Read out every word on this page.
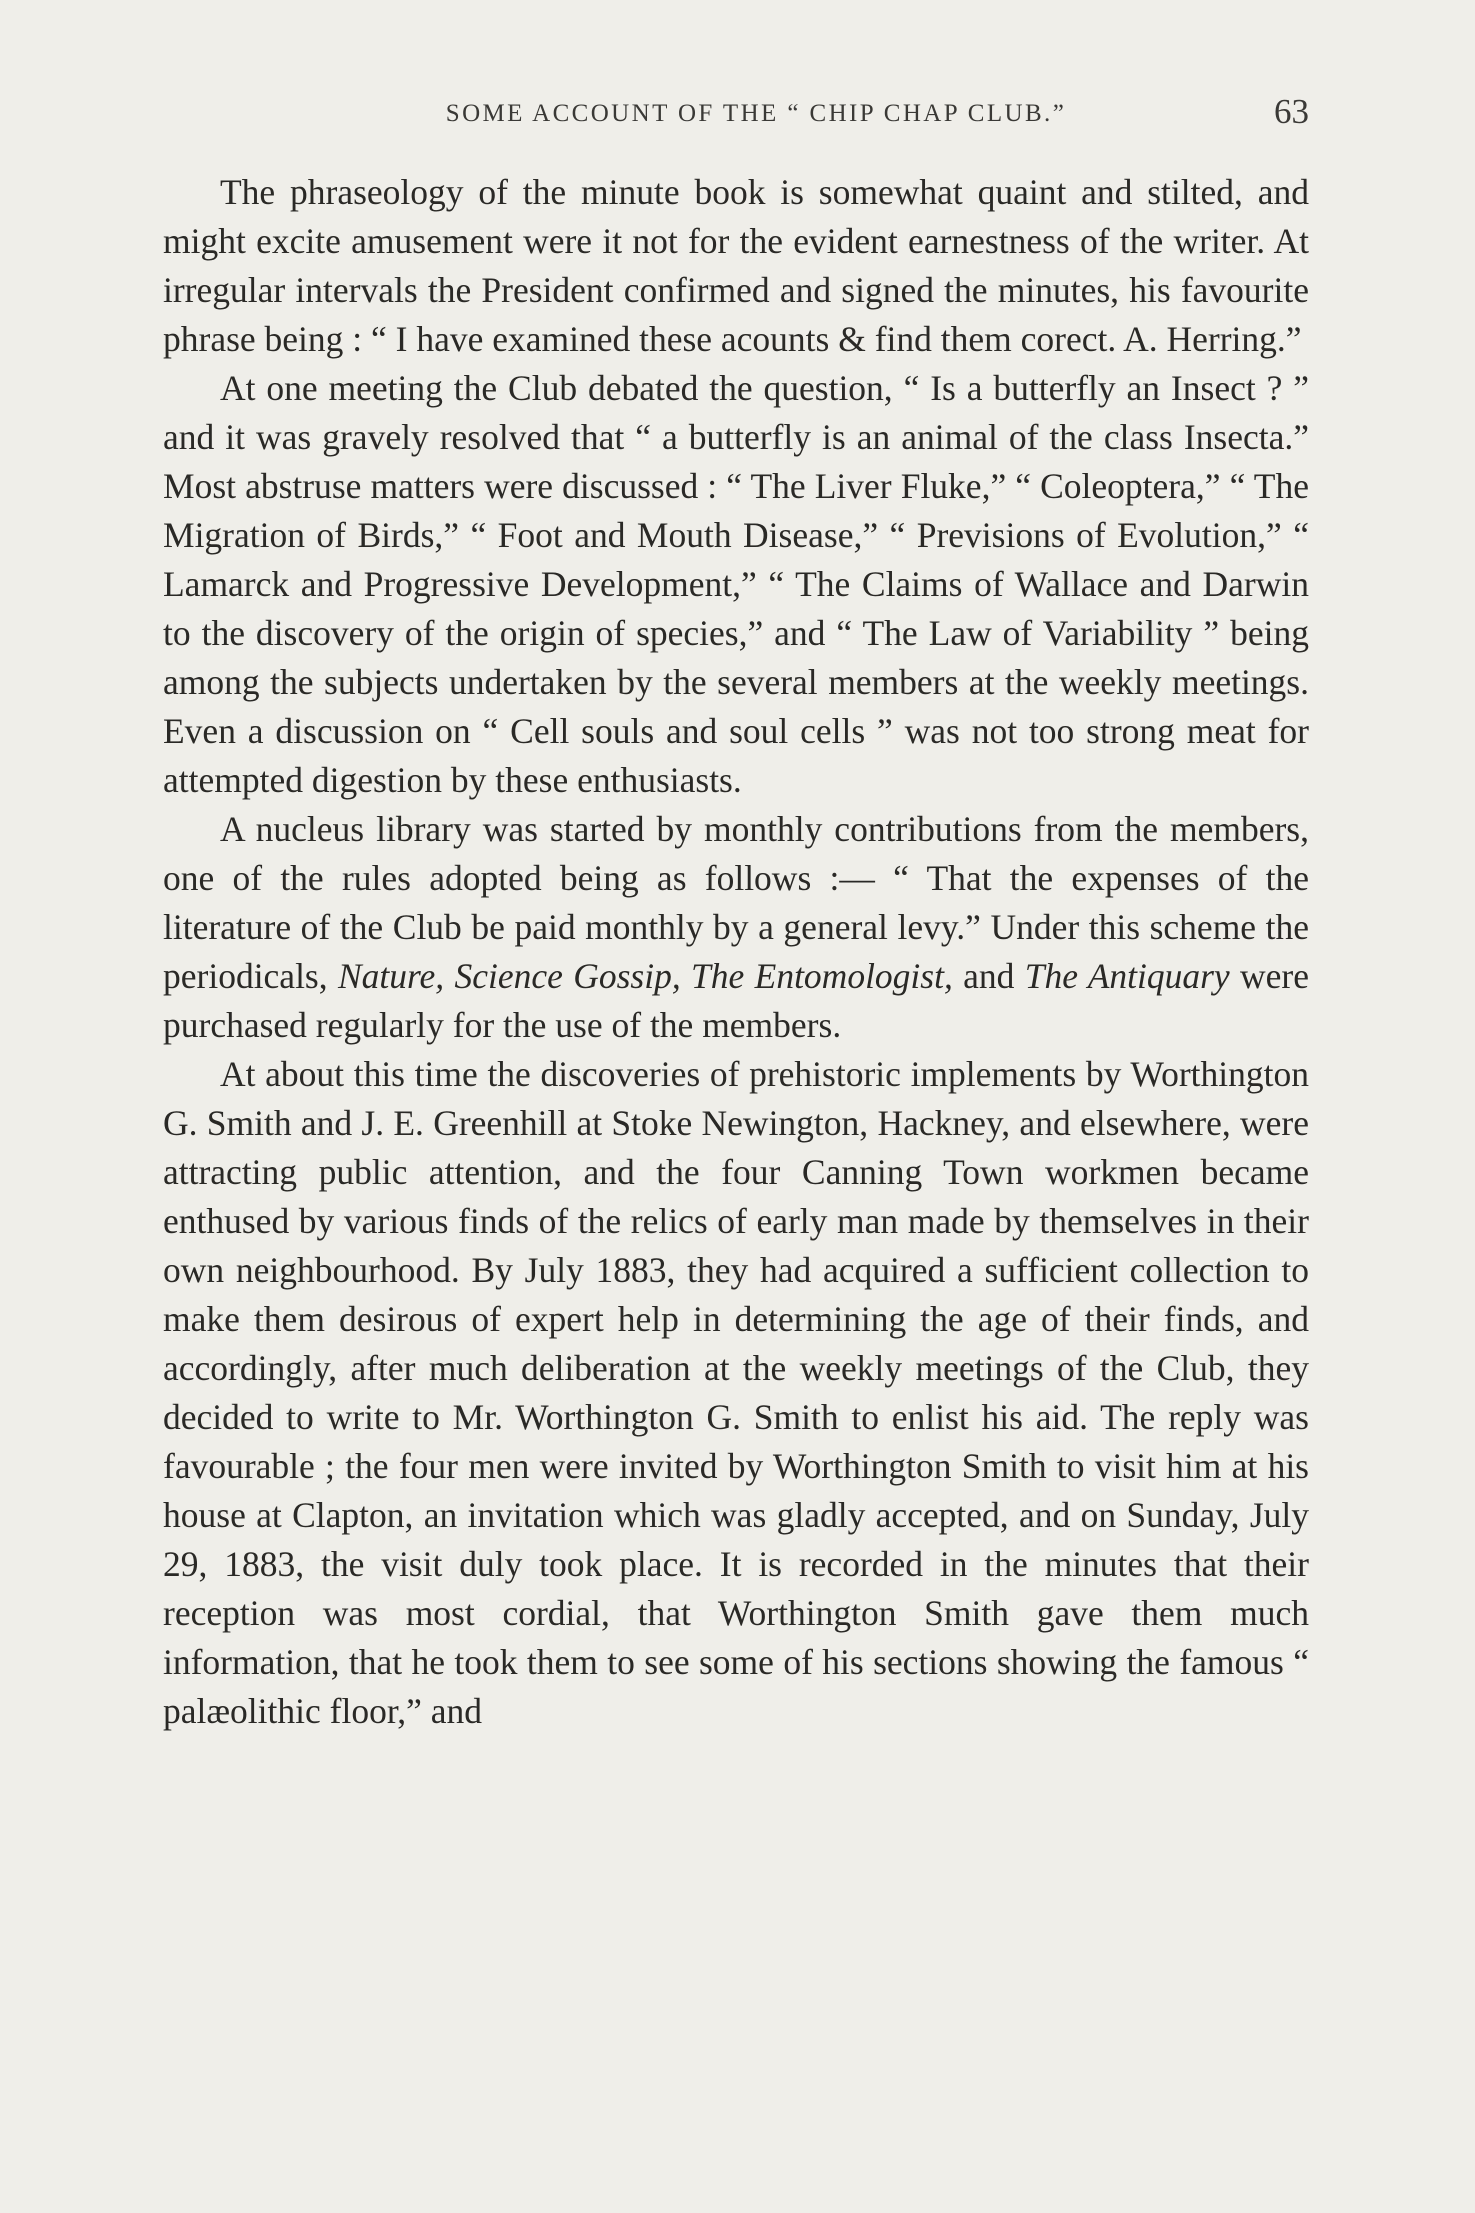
SOME ACCOUNT OF THE “ CHIP CHAP CLUB.”	63

The phraseology of the minute book is somewhat quaint and stilted, and might excite amusement were it not for the evident earnestness of the writer. At irregular intervals the President confirmed and signed the minutes, his favourite phrase being : “ I have examined these acounts & find them corect. A. Herring.”

At one meeting the Club debated the question, “ Is a butterfly an Insect ? ” and it was gravely resolved that “ a butterfly is an animal of the class Insecta.” Most abstruse matters were discussed : “ The Liver Fluke,” “ Coleoptera,” “ The Migration of Birds,” “ Foot and Mouth Disease,” “ Previsions of Evolution,” “ Lamarck and Progressive Development,” “ The Claims of Wallace and Darwin to the discovery of the origin of species,” and “ The Law of Variability ” being among the subjects undertaken by the several members at the weekly meetings. Even a discussion on “ Cell souls and soul cells ” was not too strong meat for attempted digestion by these enthusiasts.

A nucleus library was started by monthly contributions from the members, one of the rules adopted being as follows :— “ That the expenses of the literature of the Club be paid monthly by a general levy.” Under this scheme the periodicals, Nature, Science Gossip, The Entomologist, and The Antiquary were purchased regularly for the use of the members.

At about this time the discoveries of prehistoric implements by Worthington G. Smith and J. E. Greenhill at Stoke Newington, Hackney, and elsewhere, were attracting public attention, and the four Canning Town workmen became enthused by various finds of the relics of early man made by themselves in their own neighbourhood. By July 1883, they had acquired a sufficient collection to make them desirous of expert help in determining the age of their finds, and accordingly, after much deliberation at the weekly meetings of the Club, they decided to write to Mr. Worthington G. Smith to enlist his aid. The reply was favourable ; the four men were invited by Worthington Smith to visit him at his house at Clapton, an invitation which was gladly accepted, and on Sunday, July 29, 1883, the visit duly took place. It is recorded in the minutes that their reception was most cordial, that Worthington Smith gave them much information, that he took them to see some of his sections showing the famous “ palæolithic floor,” and
